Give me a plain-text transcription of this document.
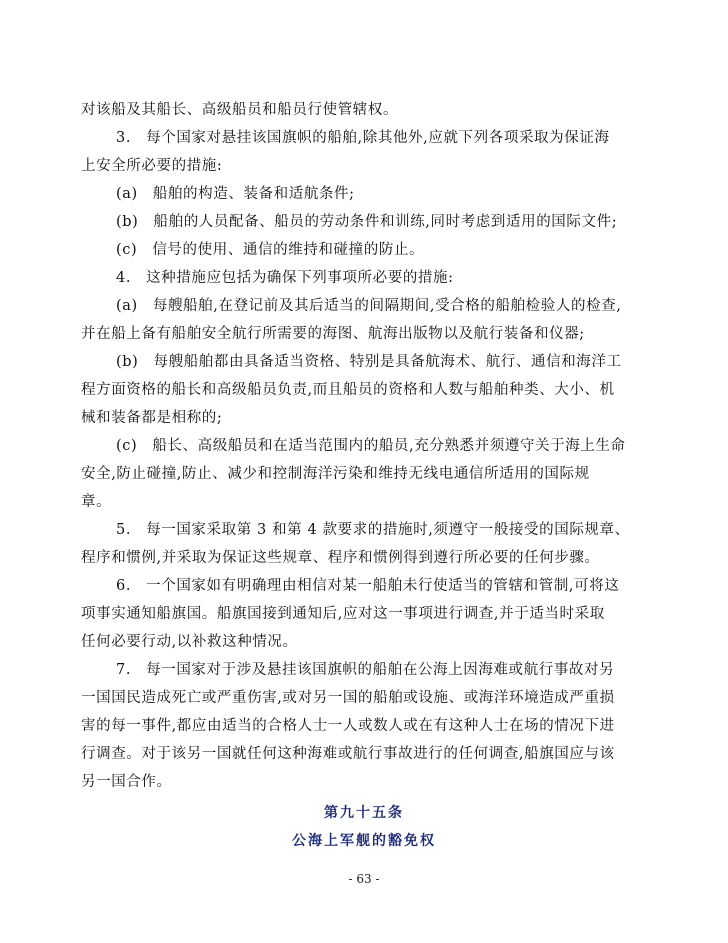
对该船及其船长、高级船员和船员行使管辖权。
3.　每个国家对悬挂该国旗帜的船舶,除其他外,应就下列各项采取为保证海
上安全所必要的措施:
(a)　船舶的构造、装备和适航条件;
(b)　船舶的人员配备、船员的劳动条件和训练,同时考虑到适用的国际文件;
(c)　信号的使用、通信的维持和碰撞的防止。
4.　这种措施应包括为确保下列事项所必要的措施:
(a)　每艘船舶,在登记前及其后适当的间隔期间,受合格的船舶检验人的检查,
并在船上备有船舶安全航行所需要的海图、航海出版物以及航行装备和仪器;
(b)　每艘船舶都由具备适当资格、特别是具备航海术、航行、通信和海洋工
程方面资格的船长和高级船员负责,而且船员的资格和人数与船舶种类、大小、机
械和装备都是相称的;
(c)　船长、高级船员和在适当范围内的船员,充分熟悉并须遵守关于海上生命
安全,防止碰撞,防止、减少和控制海洋污染和维持无线电通信所适用的国际规
章。
5.　每一国家采取第 3 和第 4 款要求的措施时,须遵守一般接受的国际规章、
程序和惯例,并采取为保证这些规章、程序和惯例得到遵行所必要的任何步骤。
6.　一个国家如有明确理由相信对某一船舶未行使适当的管辖和管制,可将这
项事实通知船旗国。船旗国接到通知后,应对这一事项进行调查,并于适当时采取
任何必要行动,以补救这种情况。
7.　每一国家对于涉及悬挂该国旗帜的船舶在公海上因海难或航行事故对另
一国国民造成死亡或严重伤害,或对另一国的船舶或设施、或海洋环境造成严重损
害的每一事件,都应由适当的合格人士一人或数人或在有这种人士在场的情况下进
行调查。对于该另一国就任何这种海难或航行事故进行的任何调查,船旗国应与该
另一国合作。
第九十五条
公海上军舰的豁免权
- 63 -
